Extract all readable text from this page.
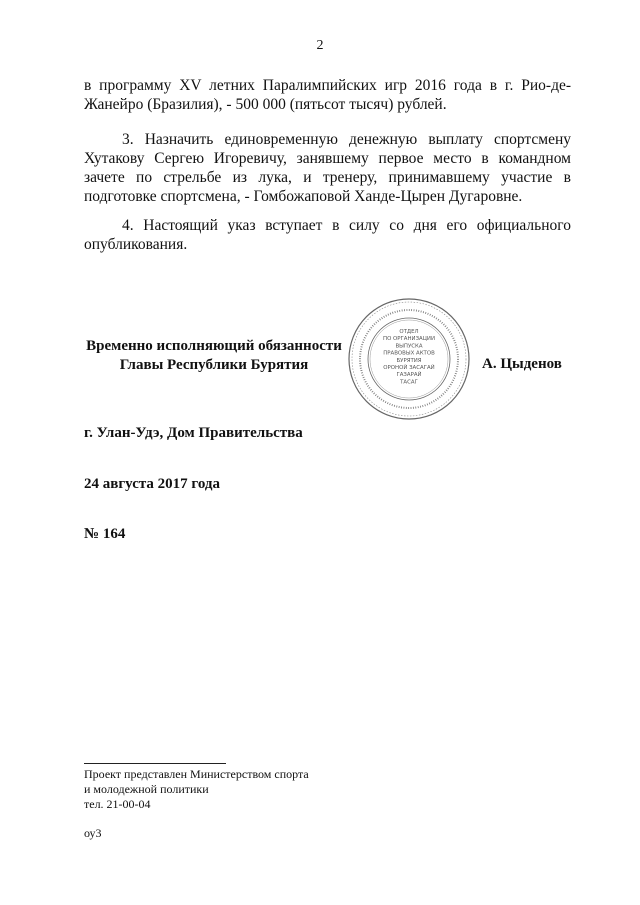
2

в программу XV летних Паралимпийских игр 2016 года в г. Рио-де-Жанейро (Бразилия), - 500 000 (пятьсот тысяч) рублей.

3. Назначить единовременную денежную выплату спортсмену Хутакову Сергею Игоревичу, занявшему первое место в командном зачете по стрельбе из лука, и тренеру, принимавшему участие в подготовке спортсмена, - Гомбожаповой Ханде-Цырен Дугаровне.

4. Настоящий указ вступает в силу со дня его официального опубликования.

Временно исполняющий обязанности
Главы Республики Бурятия
ОТДЕЛ
ПО ОРГАНИЗАЦИИ
ВЫПУСКА
ПРАВОВЫХ АКТОВ
БУРЯТИЯ
ОРОНОЙ ЗАСАГАЙ
ГАЗАРАЙ
ТАСАГ
А. Цыденов
г. Улан-Удэ, Дом Правительства
24 августа 2017 года
№ 164
Проект представлен Министерством спорта
и молодежной политики
тел. 21-00-04
оу3
